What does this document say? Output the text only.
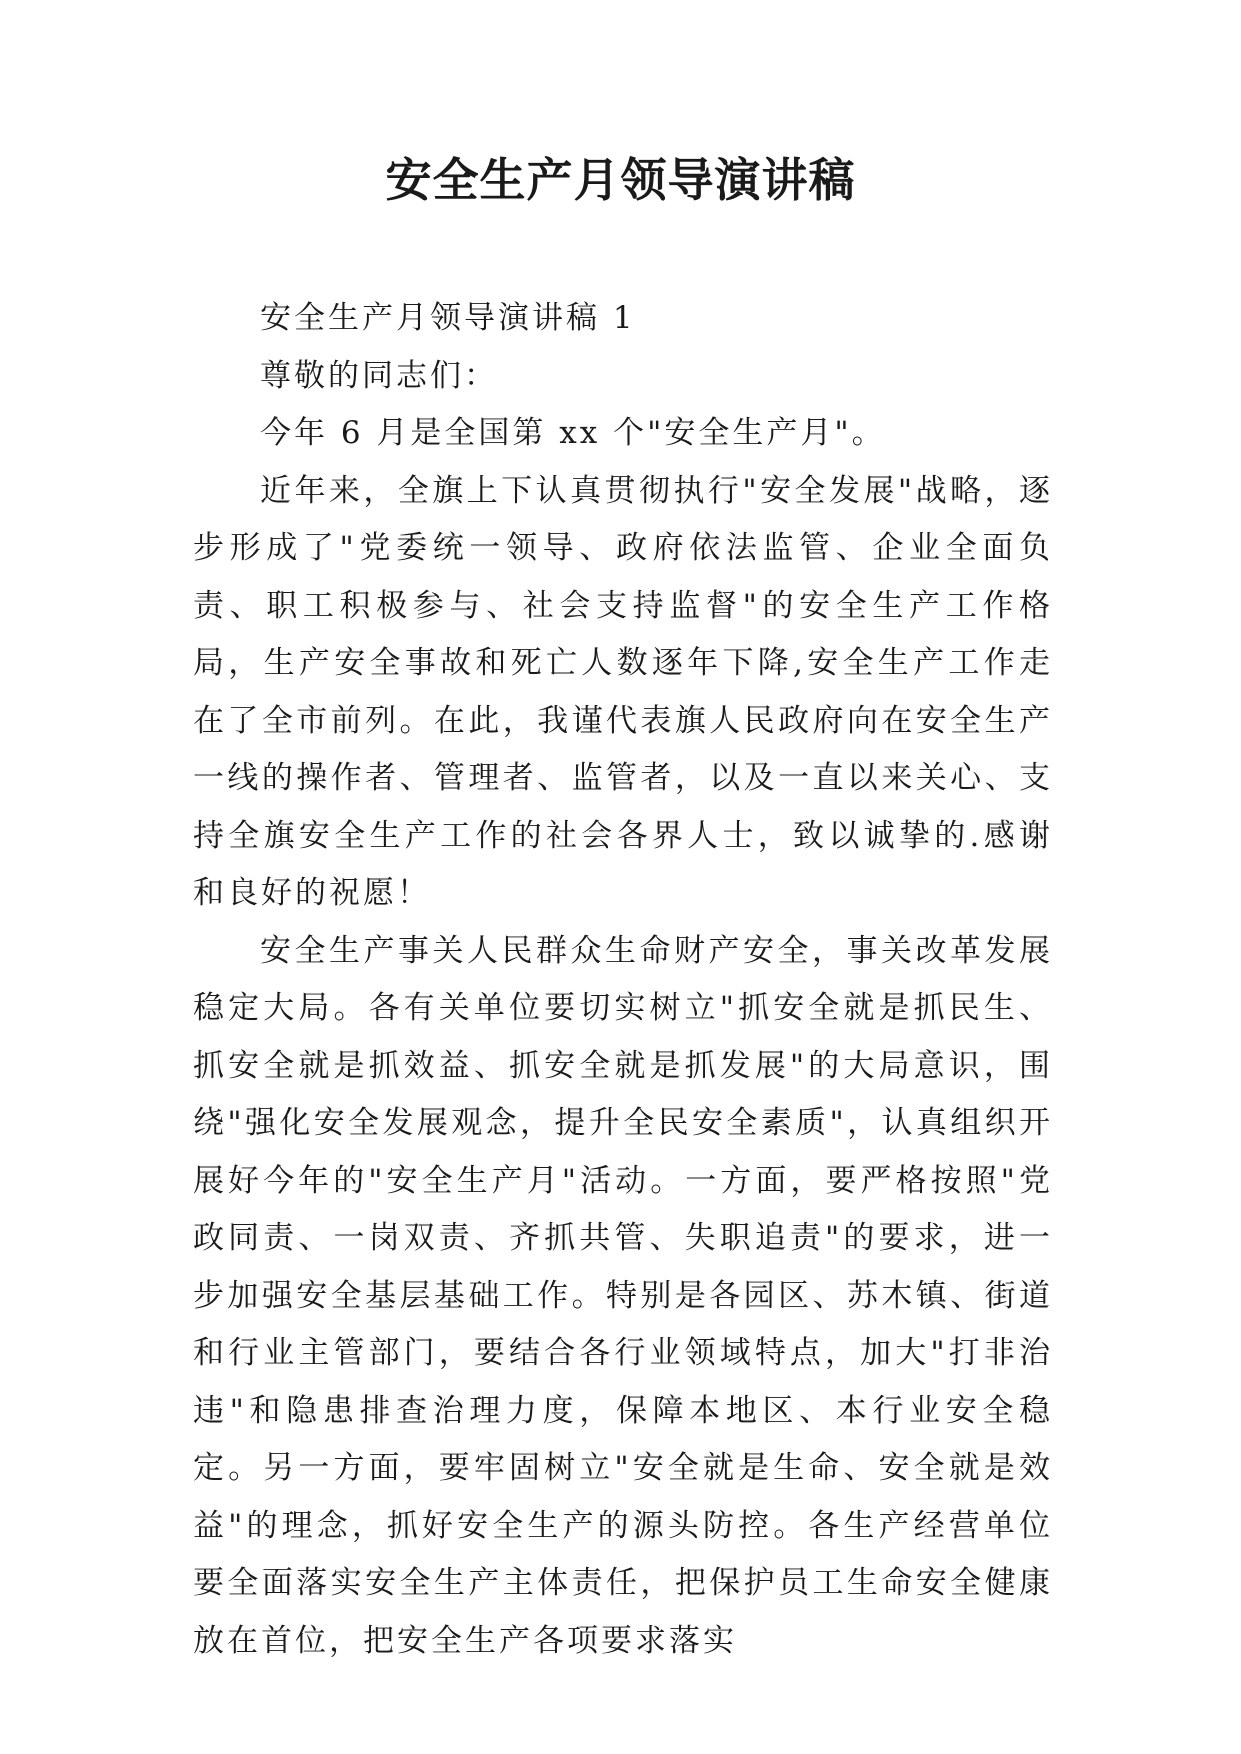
安全生产月领导演讲稿

安全生产月领导演讲稿 1

尊敬的同志们：

今年 6 月是全国第 xx 个"安全生产月"。

近年来，全旗上下认真贯彻执行"安全发展"战略，逐步形成了"党委统一领导、政府依法监管、企业全面负责、职工积极参与、社会支持监督"的安全生产工作格局，生产安全事故和死亡人数逐年下降,安全生产工作走在了全市前列。在此，我谨代表旗人民政府向在安全生产一线的操作者、管理者、监管者，以及一直以来关心、支持全旗安全生产工作的社会各界人士，致以诚挚的.感谢和良好的祝愿！

安全生产事关人民群众生命财产安全，事关改革发展稳定大局。各有关单位要切实树立"抓安全就是抓民生、抓安全就是抓效益、抓安全就是抓发展"的大局意识，围绕"强化安全发展观念，提升全民安全素质"，认真组织开展好今年的"安全生产月"活动。一方面，要严格按照"党政同责、一岗双责、齐抓共管、失职追责"的要求，进一步加强安全基层基础工作。特别是各园区、苏木镇、街道和行业主管部门，要结合各行业领域特点，加大"打非治违"和隐患排查治理力度，保障本地区、本行业安全稳定。另一方面，要牢固树立"安全就是生命、安全就是效益"的理念，抓好安全生产的源头防控。各生产经营单位要全面落实安全生产主体责任，把保护员工生命安全健康放在首位，把安全生产各项要求落实
